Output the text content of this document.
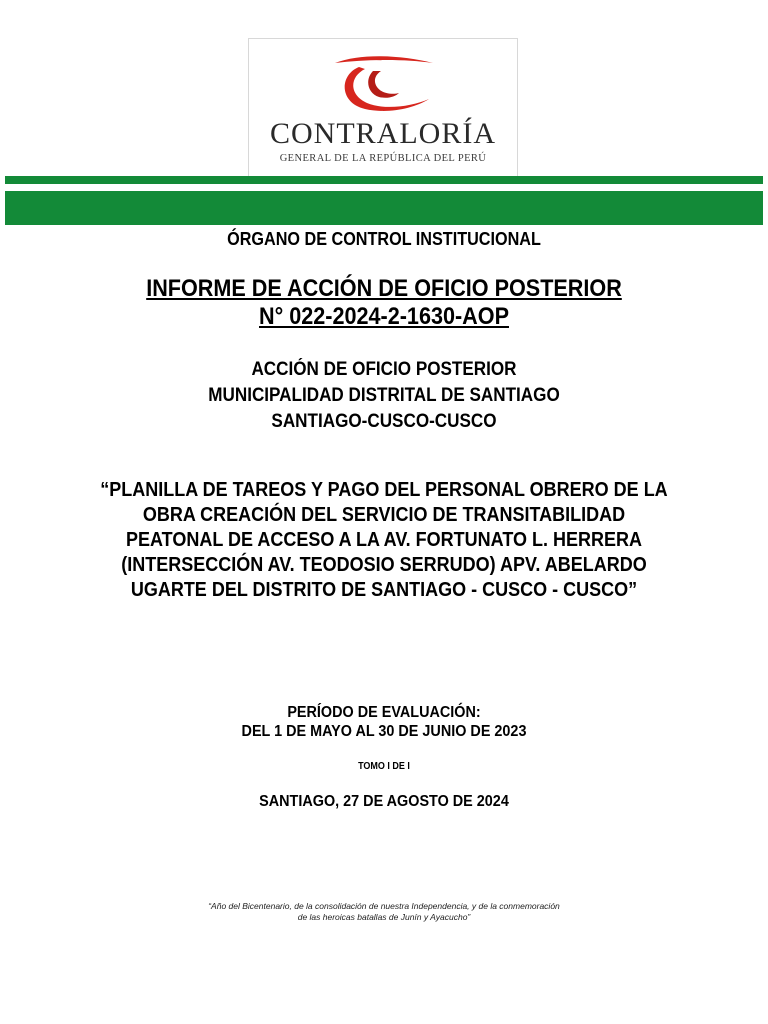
CONTRALORÍA
GENERAL DE LA REPÚBLICA DEL PERÚ
ÓRGANO DE CONTROL INSTITUCIONAL
INFORME DE ACCIÓN DE OFICIO POSTERIOR
N° 022-2024-2-1630-AOP
ACCIÓN DE OFICIO POSTERIOR
MUNICIPALIDAD DISTRITAL DE SANTIAGO
SANTIAGO-CUSCO-CUSCO
“PLANILLA DE TAREOS Y PAGO DEL PERSONAL OBRERO DE LA OBRA CREACIÓN DEL SERVICIO DE TRANSITABILIDAD PEATONAL DE ACCESO A LA AV. FORTUNATO L. HERRERA (INTERSECCIÓN AV. TEODOSIO SERRUDO) APV. ABELARDO UGARTE DEL DISTRITO DE SANTIAGO - CUSCO - CUSCO”
PERÍODO DE EVALUACIÓN:
DEL 1 DE MAYO AL 30 DE JUNIO DE 2023
TOMO I DE I
SANTIAGO, 27 DE AGOSTO DE 2024
“Año del Bicentenario, de la consolidación de nuestra Independencia, y de la conmemoración
de las heroicas batallas de Junín y Ayacucho”
